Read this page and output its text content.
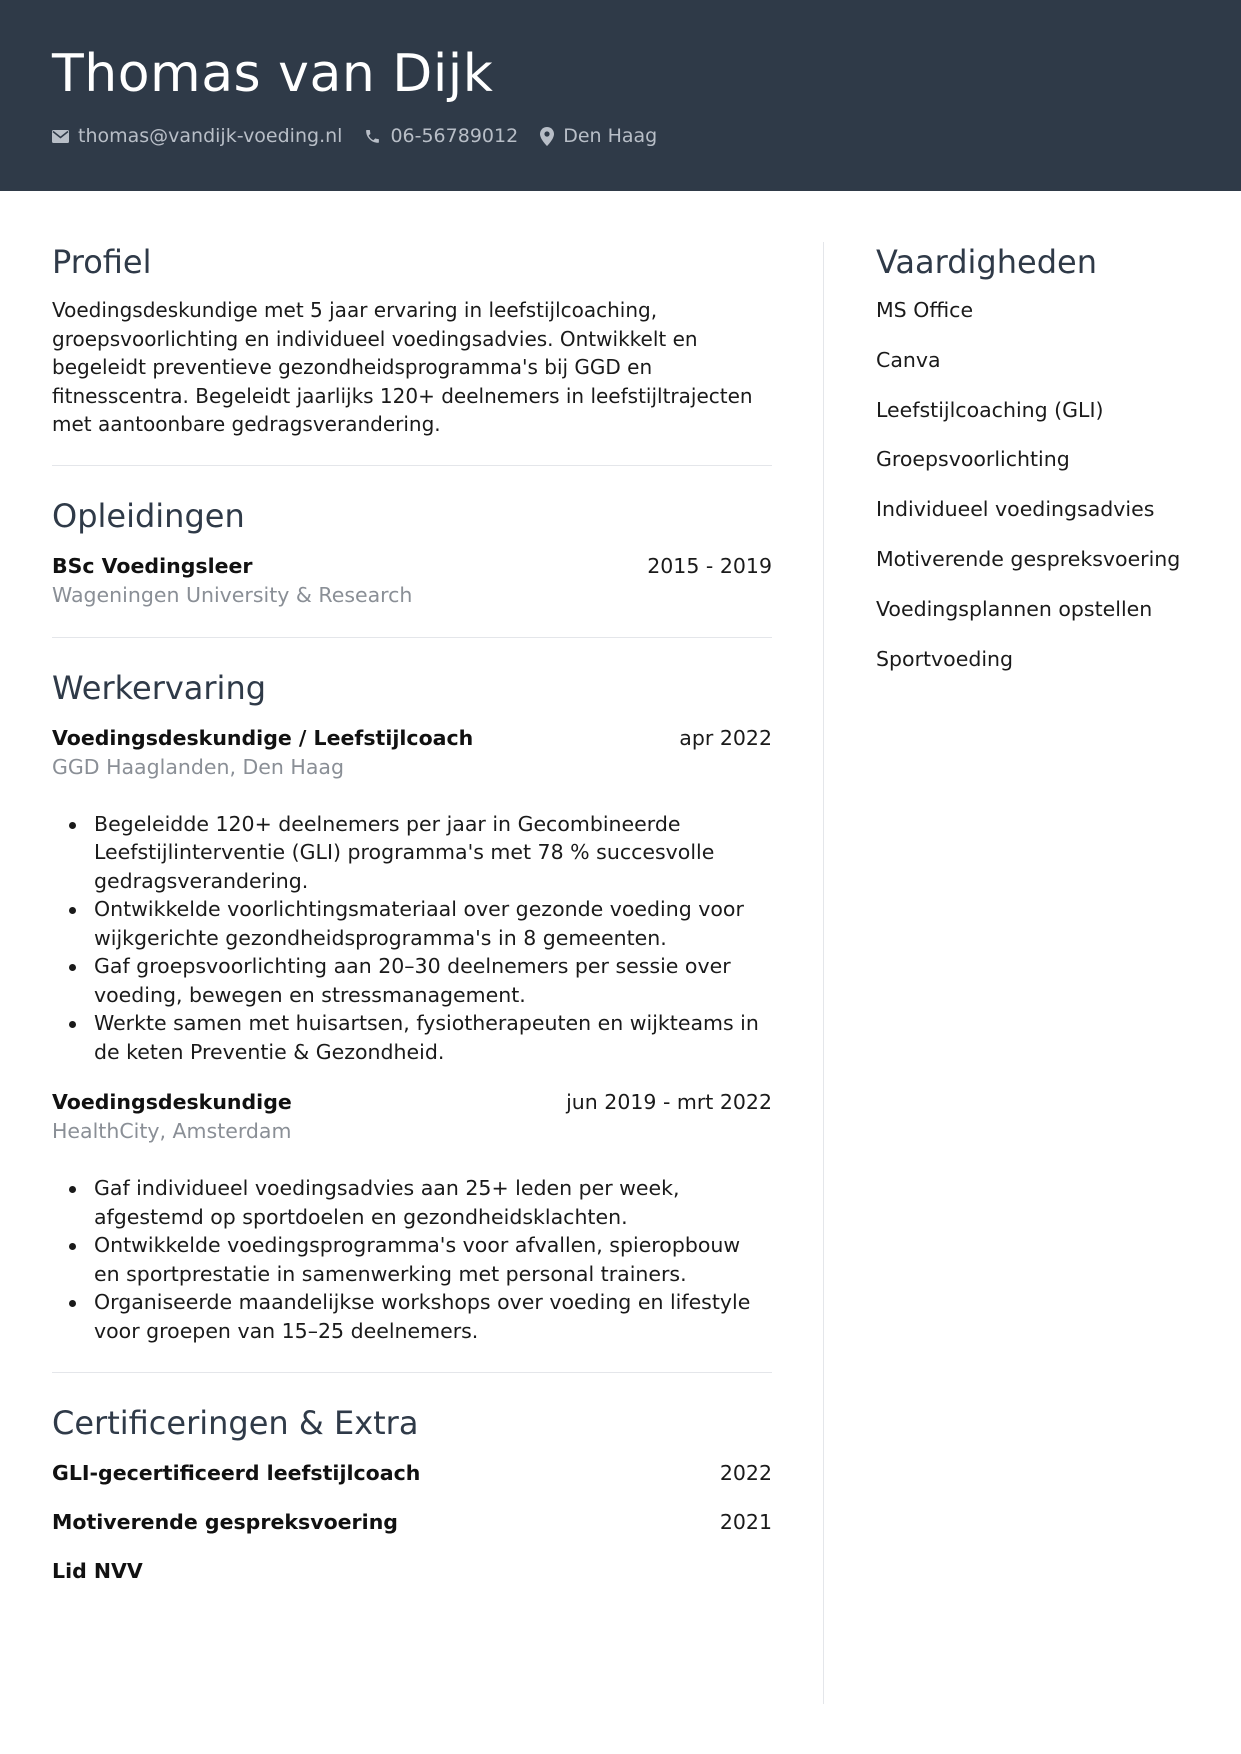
Thomas van Dijk
thomas@vandijk-voeding.nl	06-56789012 Den Haag
Profiel
Voedingsdeskundige met 5 jaar ervaring in leefstijlcoaching, groepsvoorlichting en individueel voedingsadvies. Ontwikkelt en begeleidt preventieve gezondheidsprogramma's bij GGD en fitnesscentra. Begeleidt jaarlijks 120+ deelnemers in leefstijltrajecten met aantoonbare gedragsverandering.
Opleidingen
BSc Voedingsleer	2015 - 2019
Wageningen University & Research
Werkervaring
Voedingsdeskundige / Leefstijlcoach	apr 2022
GGD Haaglanden, Den Haag
Begeleidde 120+ deelnemers per jaar in Gecombineerde Leefstijlinterventie (GLI) programma's met 78 % succesvolle gedragsverandering.
Ontwikkelde voorlichtingsmateriaal over gezonde voeding voor wijkgerichte gezondheidsprogramma's in 8 gemeenten.
Gaf groepsvoorlichting aan 20–30 deelnemers per sessie over voeding, bewegen en stressmanagement.
Werkte samen met huisartsen, fysiotherapeuten en wijkteams in de keten Preventie & Gezondheid.
Voedingsdeskundige	jun 2019 - mrt 2022
HealthCity, Amsterdam
Gaf individueel voedingsadvies aan 25+ leden per week, afgestemd op sportdoelen en gezondheidsklachten.
Ontwikkelde voedingsprogramma's voor afvallen, spieropbouw en sportprestatie in samenwerking met personal trainers.
Organiseerde maandelijkse workshops over voeding en lifestyle voor groepen van 15–25 deelnemers.
Certificeringen & Extra
GLI-gecertificeerd leefstijlcoach	2022
Motiverende gespreksvoering	2021
Lid NVV
Vaardigheden
MS Office
Canva
Leefstijlcoaching (GLI)
Groepsvoorlichting
Individueel voedingsadvies
Motiverende gespreksvoering
Voedingsplannen opstellen
Sportvoeding
